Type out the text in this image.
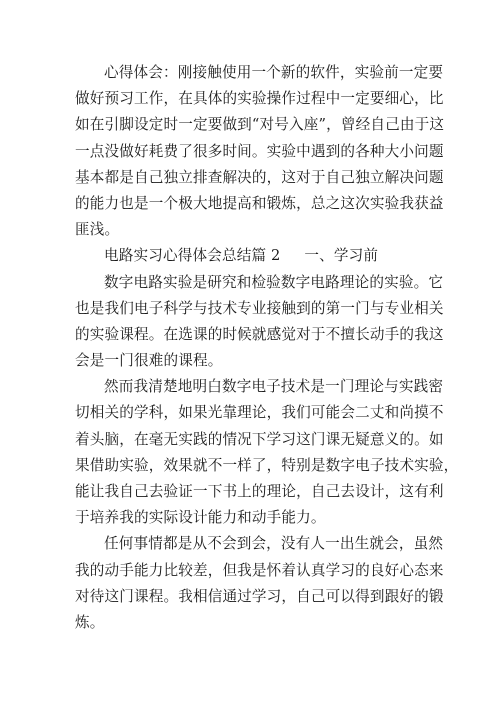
心得体会：刚接触使用一个新的软件，实验前一定要
做好预习工作，在具体的实验操作过程中一定要细心，比
如在引脚设定时一定要做到“对号入座”，曾经自己由于这
一点没做好耗费了很多时间。实验中遇到的各种大小问题
基本都是自己独立排查解决的，这对于自己独立解决问题
的能力也是一个极大地提高和锻炼，总之这次实验我获益
匪浅。
电路实习心得体会总结篇 2 一、学习前
数字电路实验是研究和检验数字电路理论的实验。它
也是我们电子科学与技术专业接触到的第一门与专业相关
的实验课程。在选课的时候就感觉对于不擅长动手的我这
会是一门很难的课程。
然而我清楚地明白数字电子技术是一门理论与实践密
切相关的学科，如果光靠理论，我们可能会二丈和尚摸不
着头脑，在毫无实践的情况下学习这门课无疑意义的。如
果借助实验，效果就不一样了，特别是数字电子技术实验，
能让我自己去验证一下书上的理论，自己去设计，这有利
于培养我的实际设计能力和动手能力。
任何事情都是从不会到会，没有人一出生就会，虽然
我的动手能力比较差，但我是怀着认真学习的良好心态来
对待这门课程。我相信通过学习，自己可以得到跟好的锻
炼。
